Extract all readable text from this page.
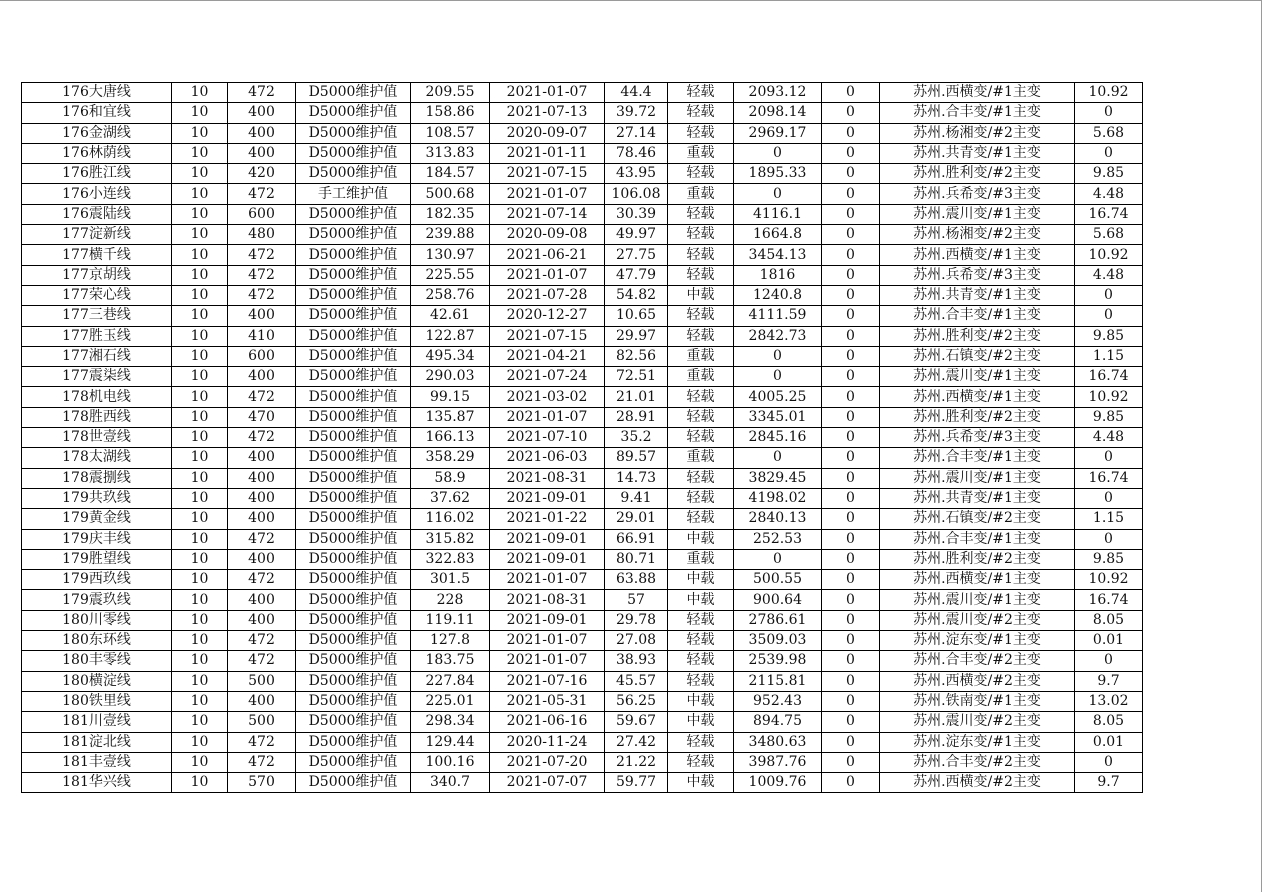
176大唐线	10	472	D5000维护值	209.55	2021-01-07	44.4	轻载	2093.12	0	苏州.西横变/#1主变	10.92
176和宜线	10	400	D5000维护值	158.86	2021-07-13	39.72	轻载	2098.14	0	苏州.合丰变/#1主变	0
176金湖线	10	400	D5000维护值	108.57	2020-09-07	27.14	轻载	2969.17	0	苏州.杨湘变/#2主变	5.68
176林荫线	10	400	D5000维护值	313.83	2021-01-11	78.46	重载	0	0	苏州.共青变/#1主变	0
176胜江线	10	420	D5000维护值	184.57	2021-07-15	43.95	轻载	1895.33	0	苏州.胜利变/#2主变	9.85
176小连线	10	472	手工维护值	500.68	2021-01-07	106.08	重载	0	0	苏州.兵希变/#3主变	4.48
176震陆线	10	600	D5000维护值	182.35	2021-07-14	30.39	轻载	4116.1	0	苏州.震川变/#1主变	16.74
177淀新线	10	480	D5000维护值	239.88	2020-09-08	49.97	轻载	1664.8	0	苏州.杨湘变/#2主变	5.68
177横千线	10	472	D5000维护值	130.97	2021-06-21	27.75	轻载	3454.13	0	苏州.西横变/#1主变	10.92
177京胡线	10	472	D5000维护值	225.55	2021-01-07	47.79	轻载	1816	0	苏州.兵希变/#3主变	4.48
177荣心线	10	472	D5000维护值	258.76	2021-07-28	54.82	中载	1240.8	0	苏州.共青变/#1主变	0
177三巷线	10	400	D5000维护值	42.61	2020-12-27	10.65	轻载	4111.59	0	苏州.合丰变/#1主变	0
177胜玉线	10	410	D5000维护值	122.87	2021-07-15	29.97	轻载	2842.73	0	苏州.胜利变/#2主变	9.85
177湘石线	10	600	D5000维护值	495.34	2021-04-21	82.56	重载	0	0	苏州.石镇变/#2主变	1.15
177震柒线	10	400	D5000维护值	290.03	2021-07-24	72.51	重载	0	0	苏州.震川变/#1主变	16.74
178机电线	10	472	D5000维护值	99.15	2021-03-02	21.01	轻载	4005.25	0	苏州.西横变/#1主变	10.92
178胜西线	10	470	D5000维护值	135.87	2021-01-07	28.91	轻载	3345.01	0	苏州.胜利变/#2主变	9.85
178世壹线	10	472	D5000维护值	166.13	2021-07-10	35.2	轻载	2845.16	0	苏州.兵希变/#3主变	4.48
178太湖线	10	400	D5000维护值	358.29	2021-06-03	89.57	重载	0	0	苏州.合丰变/#1主变	0
178震捌线	10	400	D5000维护值	58.9	2021-08-31	14.73	轻载	3829.45	0	苏州.震川变/#1主变	16.74
179共玖线	10	400	D5000维护值	37.62	2021-09-01	9.41	轻载	4198.02	0	苏州.共青变/#1主变	0
179黄金线	10	400	D5000维护值	116.02	2021-01-22	29.01	轻载	2840.13	0	苏州.石镇变/#2主变	1.15
179庆丰线	10	472	D5000维护值	315.82	2021-09-01	66.91	中载	252.53	0	苏州.合丰变/#1主变	0
179胜望线	10	400	D5000维护值	322.83	2021-09-01	80.71	重载	0	0	苏州.胜利变/#2主变	9.85
179西玖线	10	472	D5000维护值	301.5	2021-01-07	63.88	中载	500.55	0	苏州.西横变/#1主变	10.92
179震玖线	10	400	D5000维护值	228	2021-08-31	57	中载	900.64	0	苏州.震川变/#1主变	16.74
180川零线	10	400	D5000维护值	119.11	2021-09-01	29.78	轻载	2786.61	0	苏州.震川变/#2主变	8.05
180东环线	10	472	D5000维护值	127.8	2021-01-07	27.08	轻载	3509.03	0	苏州.淀东变/#1主变	0.01
180丰零线	10	472	D5000维护值	183.75	2021-01-07	38.93	轻载	2539.98	0	苏州.合丰变/#2主变	0
180横淀线	10	500	D5000维护值	227.84	2021-07-16	45.57	轻载	2115.81	0	苏州.西横变/#2主变	9.7
180铁里线	10	400	D5000维护值	225.01	2021-05-31	56.25	中载	952.43	0	苏州.铁南变/#1主变	13.02
181川壹线	10	500	D5000维护值	298.34	2021-06-16	59.67	中载	894.75	0	苏州.震川变/#2主变	8.05
181淀北线	10	472	D5000维护值	129.44	2020-11-24	27.42	轻载	3480.63	0	苏州.淀东变/#1主变	0.01
181丰壹线	10	472	D5000维护值	100.16	2021-07-20	21.22	轻载	3987.76	0	苏州.合丰变/#2主变	0
181华兴线	10	570	D5000维护值	340.7	2021-07-07	59.77	中载	1009.76	0	苏州.西横变/#2主变	9.7
